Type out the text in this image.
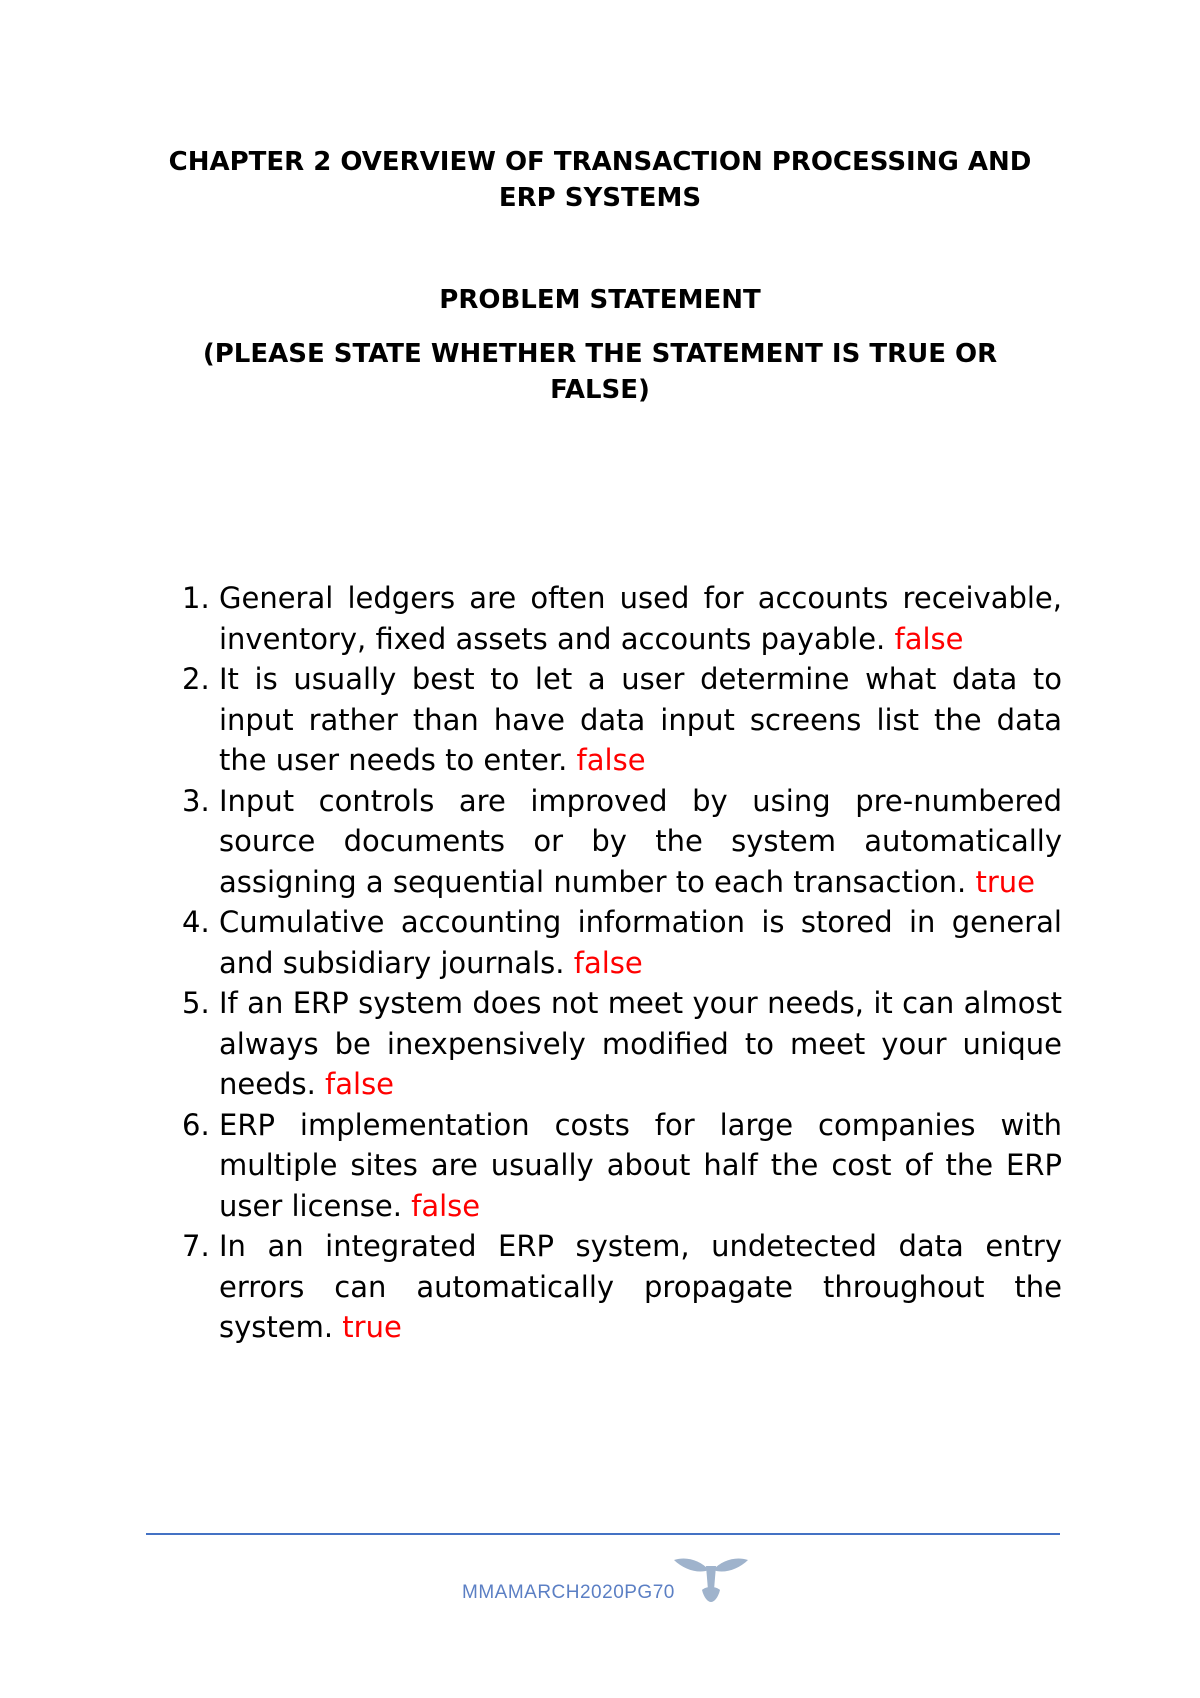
CHAPTER 2 OVERVIEW OF TRANSACTION PROCESSING AND ERP SYSTEMS
PROBLEM STATEMENT

(PLEASE STATE WHETHER THE STATEMENT IS TRUE OR FALSE)

1. General ledgers are often used for accounts receivable, inventory, fixed assets and accounts payable. false
2. It is usually best to let a user determine what data to input rather than have data input screens list the data the user needs to enter. false
3. Input controls are improved by using pre-numbered source documents or by the system automatically assigning a sequential number to each transaction. true
4. Cumulative accounting information is stored in general and subsidiary journals. false
5. If an ERP system does not meet your needs, it can almost always be inexpensively modified to meet your unique needs. false
6. ERP implementation costs for large companies with multiple sites are usually about half the cost of the ERP user license. false
7. In an integrated ERP system, undetected data entry errors can automatically propagate throughout the system. true
MMAMARCH2020PG70
